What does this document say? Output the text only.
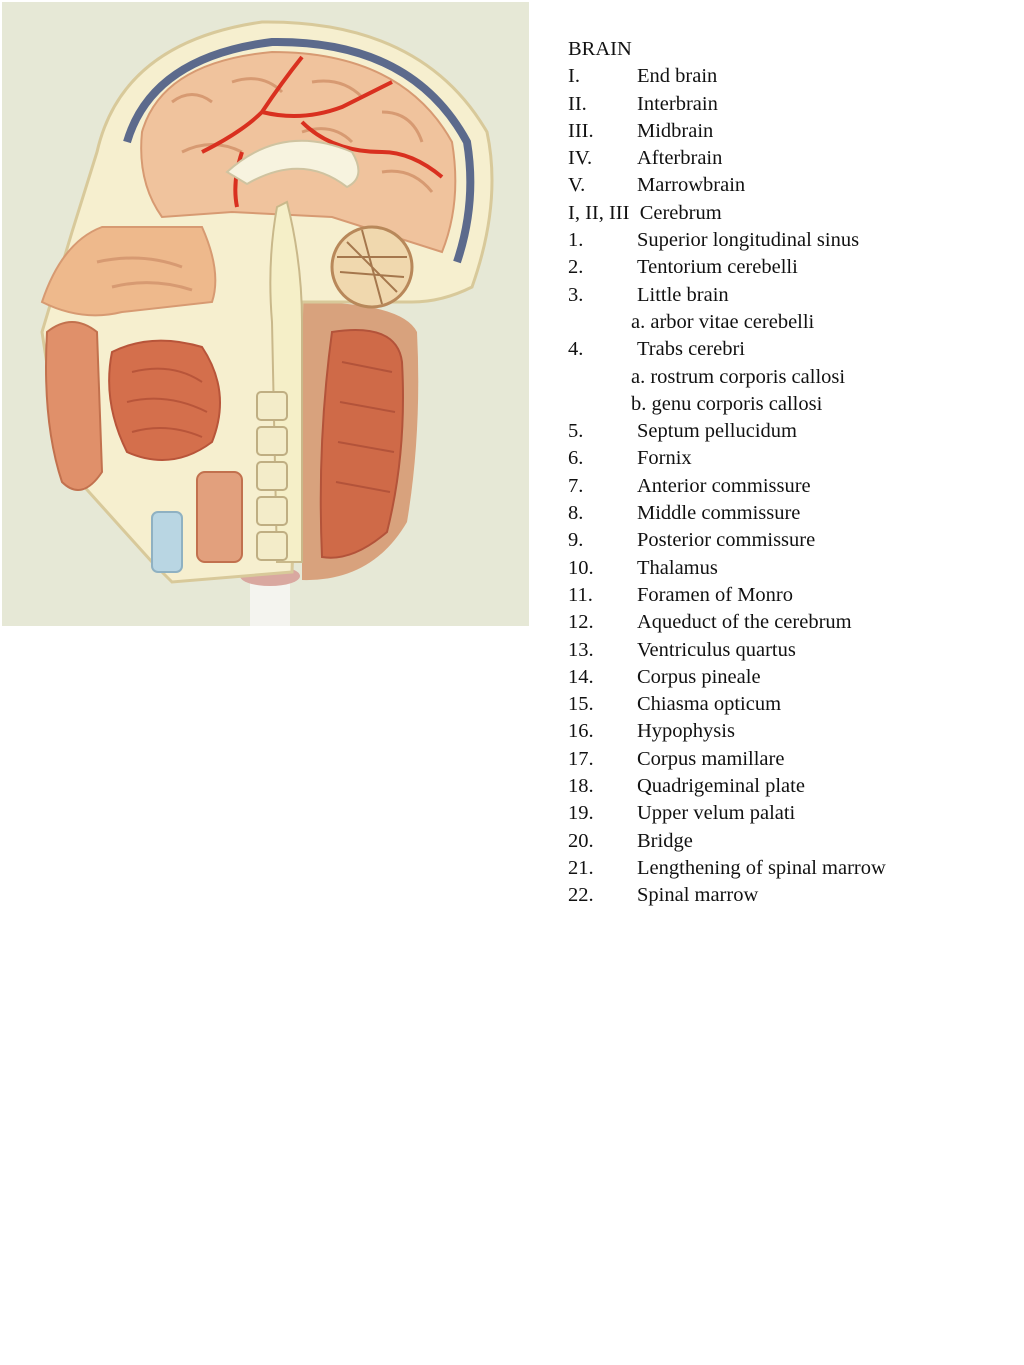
BRAIN
I.	End brain
II. Interbrain
III. Midbrain
IV. Afterbrain
V.	Marrowbrain
I, II, III  Cerebrum
1.	Superior longitudinal sinus
2.	Tentorium cerebelli
3.	Little brain
a. arbor vitae cerebelli
4.	Trabs cerebri
a. rostrum corporis callosi
b. genu corporis callosi
5.	Septum pellucidum
6.	Fornix
7.	Anterior commissure
8.	Middle commissure
9.	Posterior commissure
10. Thalamus
11. Foramen of Monro
12. Aqueduct of the cerebrum
13. Ventriculus quartus
14. Corpus pineale
15. Chiasma opticum
16. Hypophysis
17. Corpus mamillare
18. Quadrigeminal plate
19. Upper velum palati
20. Bridge
21. Lengthening of spinal marrow
22. Spinal marrow
